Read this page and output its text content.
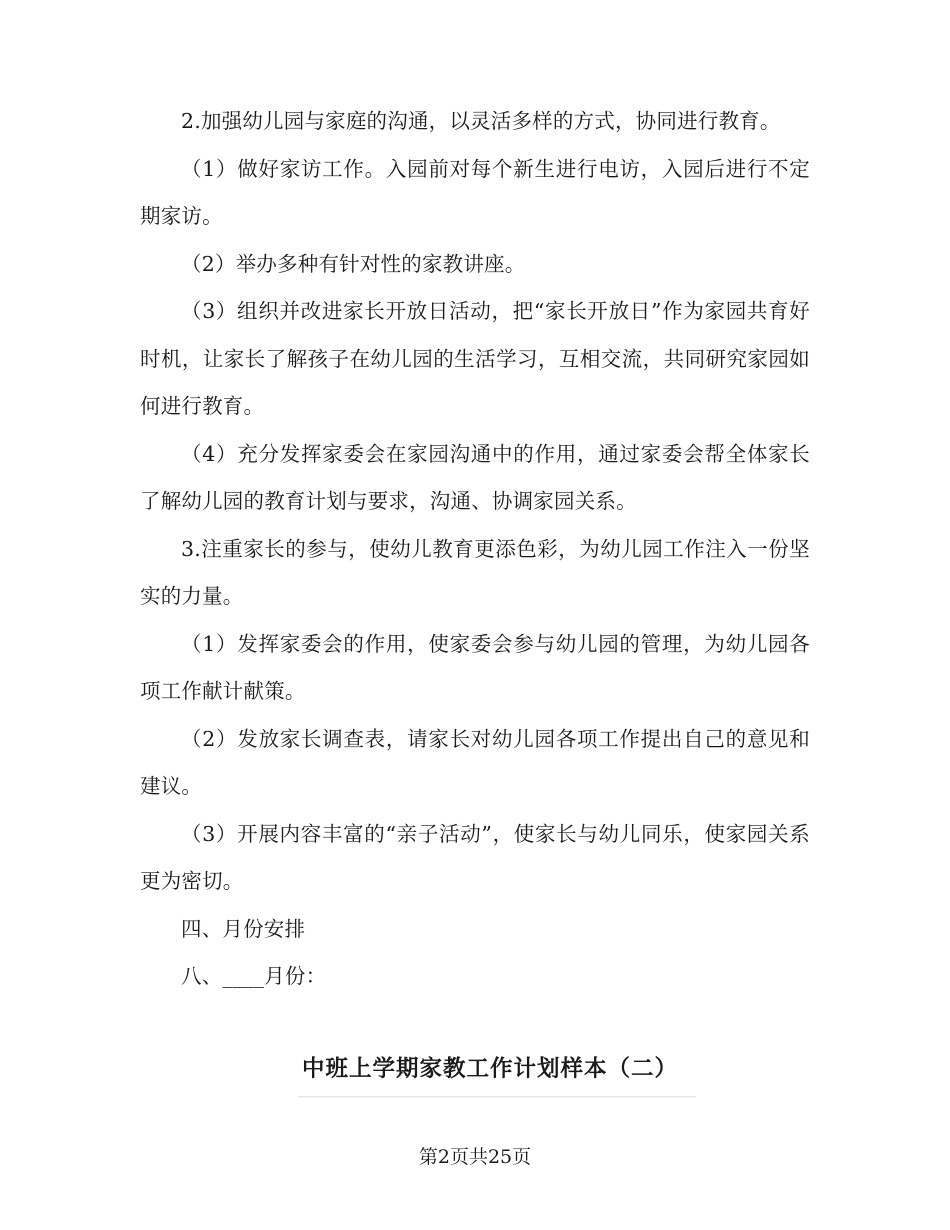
2.加强幼儿园与家庭的沟通，以灵活多样的方式，协同进行教育。

（1）做好家访工作。入园前对每个新生进行电访，入园后进行不定期家访。

（2）举办多种有针对性的家教讲座。

（3）组织并改进家长开放日活动，把“家长开放日”作为家园共育好时机，让家长了解孩子在幼儿园的生活学习，互相交流，共同研究家园如何进行教育。

（4）充分发挥家委会在家园沟通中的作用，通过家委会帮全体家长了解幼儿园的教育计划与要求，沟通、协调家园关系。

3.注重家长的参与，使幼儿教育更添色彩，为幼儿园工作注入一份坚实的力量。

（1）发挥家委会的作用，使家委会参与幼儿园的管理，为幼儿园各项工作献计献策。

（2）发放家长调查表，请家长对幼儿园各项工作提出自己的意见和建议。

（3）开展内容丰富的“亲子活动”，使家长与幼儿同乐，使家园关系更为密切。

四、月份安排

八、____月份：

中班上学期家教工作计划样本（二）
第2页共25页
